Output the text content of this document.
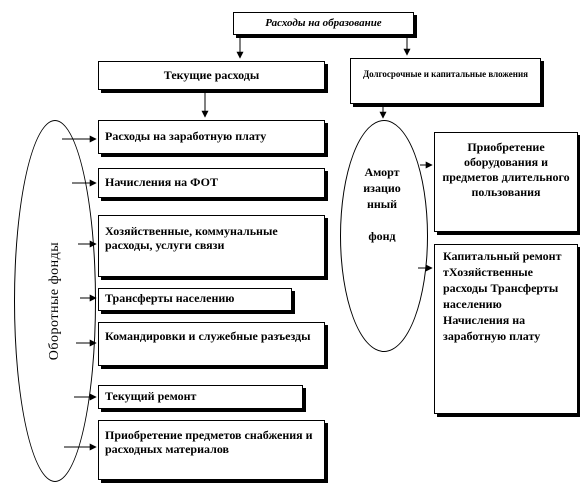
Расходы на образование
Текущие расходы	Долгосрочные и капитальные вложения
Расходы на заработную плату
Начисления на ФОТ
Хозяйственные, коммунальные расходы, услуги связи
Трансферты населению
Командировки и служебные разъезды
Текущий ремонт
Приобретение предметов снабжения и расходных материалов
Приобретение оборудования и предметов длительного пользования
Капитальный ремонт тХозяйственные расходы Трансферты населению Начисления на заработную плату
Оборотные фонды
Аморт
изацио
нный
фонд
